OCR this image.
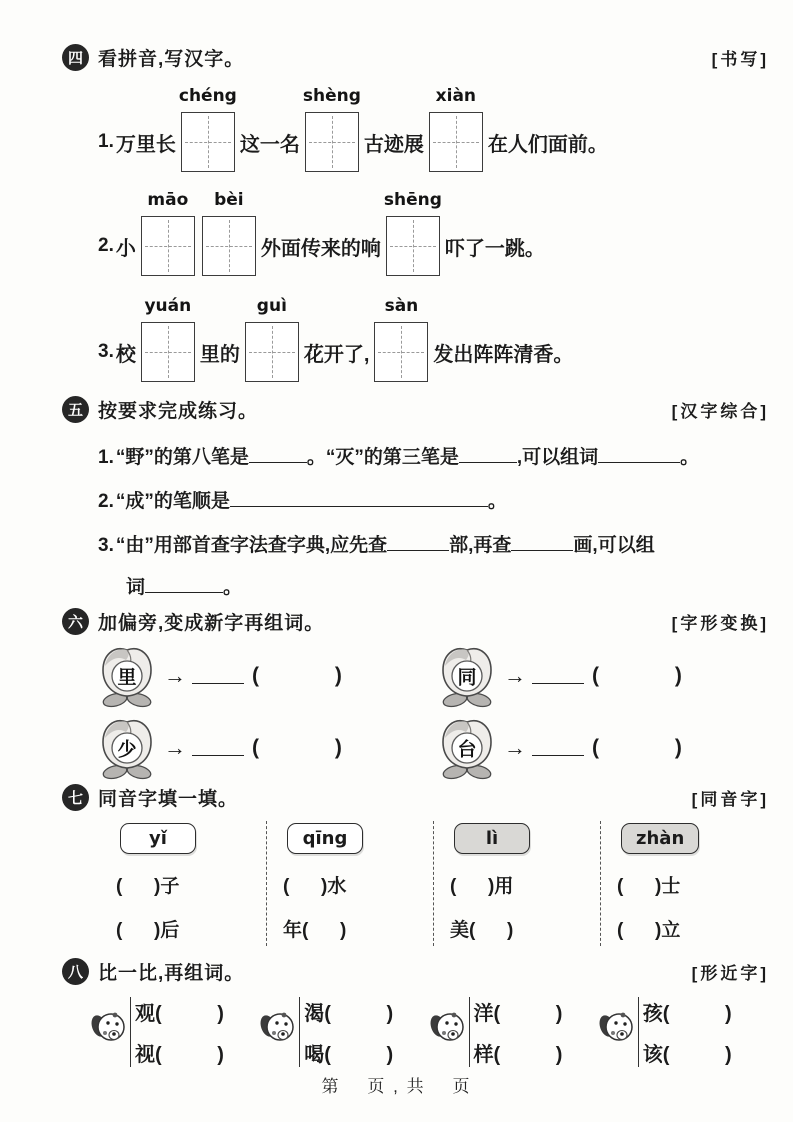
四 看拼音,写汉字。	[书写]
1. 万里长
chéng
这一名
shèng
古迹展
xiàn
在人们面前。
2. 小
māo bèi
外面传来的响
shēng
吓了一跳。
3. 校
yuán
里的
guì
花开了,
sàn
发出阵阵清香。
五 按要求完成练习。	[汉字综合]
1. “野”的第八笔是	。“灭”的第三笔是	,可以组词	。
2. “成”的笔顺是	。
3. “由”用部首查字法查字典,应先查	部,再查	画,可以组
词	。
六 加偏旁,变成新字再组词。	[字形变换]
里 →	(             )	同 →	(             )
少 →	(             )	台 →	(             )
七 同音字填一填。	[同音字]
yǐ
(      )子
(      )后
qīng
(      )水
年(      )
lì
(      )用
美(      )
zhàn
(      )士
(      )立
八 比一比,再组词。	[形近字]
观(          )
视(          )
渴(          )
喝(          )
洋(          )
样(          )
孩(          )
该(          )
第    页 , 共    页
